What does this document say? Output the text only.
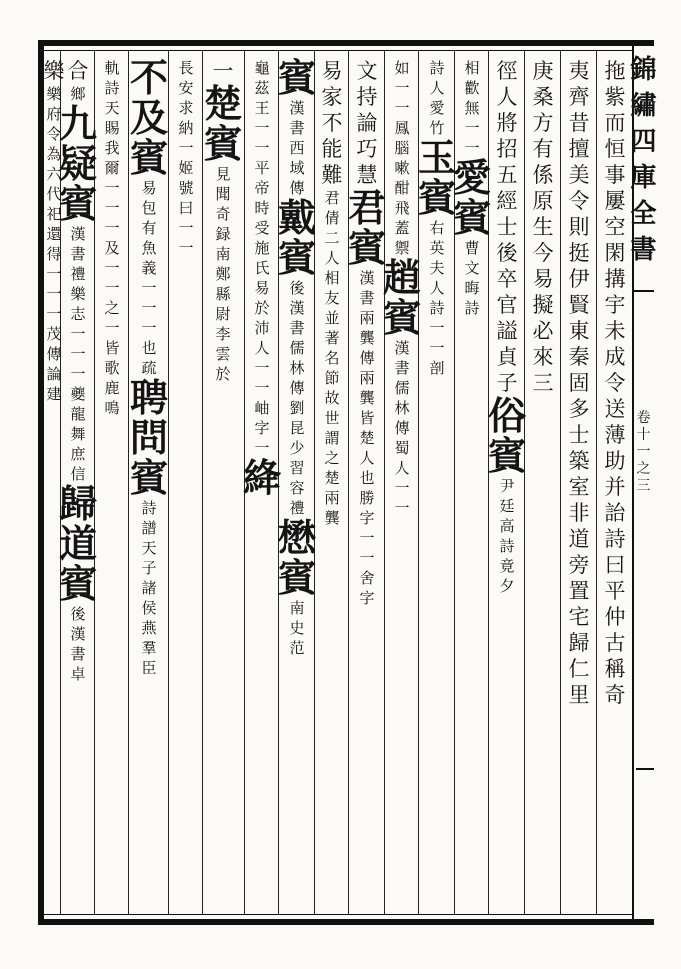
錦
繡
四
庫
全
書
卷
十
一
之
三
拖
紫
而
恒
事
屢
空
閑
搆
宇
未
成
令
送
薄
助
并
詒
詩
曰
平
仲
古
稱
奇
夷
齊
昔
擅
美
令
則
挺
伊
賢
東
秦
固
多
士
築
室
非
道
旁
置
宅
歸
仁
里
庚
桑
方
有
係
原
生
今
易
擬
必
來
三
徑
人
將
招
五
經
士
後
卒
官
謚
貞
子
俗
賓
尹
廷
高
詩
竟
夕
相
歡
無
一
一
愛
賓
曹
文
晦
詩
詩
人
愛
竹
玉
賓
右
英
夫
人
詩
一
一
剖
如
一
一
鳳
腦
嗽
酣
飛
蓋
禦
趙
賓
漢
書
儒
林
傳
蜀
人
一
一
文
持
論
巧
慧
君
賓
漢
書
兩
龔
傳
兩
龔
皆
楚
人
也
勝
字
一
一
舍
字
易
家
不
能
難
君
倩
二
人
相
友
並
著
名
節
故
世
謂
之
楚
兩
龔
賓
漢
書
西
域
傳
戴
賓
後
漢
書
儒
林
傳
劉
昆
少
習
容
禮
懋
賓
南
史
范
龜
茲
王
一
一
平
帝
時
受
施
氏
易
於
沛
人
一
一
岫
字
一
絳
一
楚
賓
見
聞
奇
録
南
鄭
縣
尉
李
雲
於
長
安
求
納
一
姬
號
曰
一
一
不
及
賓
易
包
有
魚
義
一
一
一
也
疏
聘
問
賓
詩
譜
天
子
諸
侯
燕
羣
臣
軌
詩
天
賜
我
爾
一
一
一
及
一
一
之
一
皆
歌
鹿
鳴
合
鄉
九
疑
賓
漢
書
禮
樂
志
一
一
一
夔
龍
舞
庶
信
歸
道
賓
後
漢
書
卓
樂
樂
府
令
為
六
代
祀
還
得
一
一
一
茂
傳
論
建
